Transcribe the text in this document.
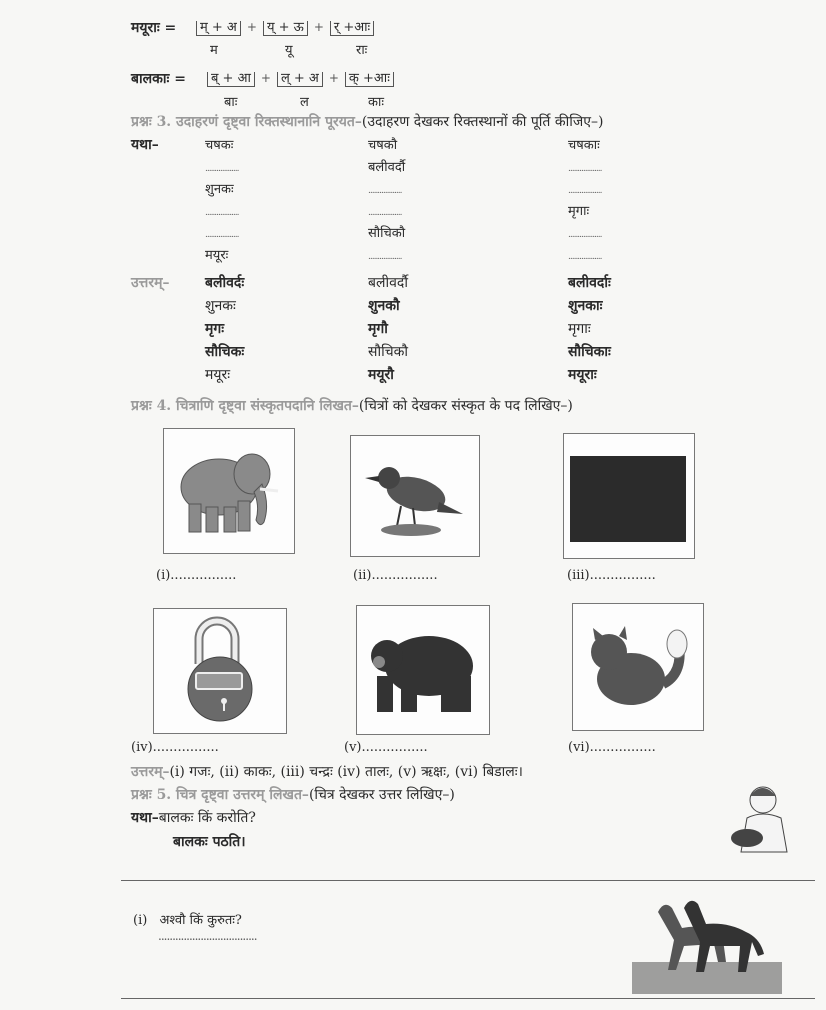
मयूराः =	म् + अ + य् + ऊ + र् +आः
म	यू	राः
बालकाः =	ब् + आ + ल् + अ + क् +आः
बाः	ल	काः
प्रश्नः 3. उदाहरणं दृष्ट्वा रिक्तस्थानानि पूरयत–(उदाहरण देखकर रिक्तस्थानों की पूर्ति कीजिए–)
यथा–	चषकः	चषकौ	चषकाः
..................	बलीवर्दौ	..................
शुनकः	..................	..................
..................	..................	मृगाः
..................	सौचिकौ	..................
मयूरः	..................	..................
उत्तरम्–	बलीवर्दः	बलीवर्दौ	बलीवर्दाः
शुनकः	शुनकौ	शुनकाः
मृगः	मृगौ	मृगाः
सौचिकः	सौचिकौ	सौचिकाः
मयूरः	मयूरौ	मयूराः
प्रश्नः 4. चित्राणि दृष्ट्वा संस्कृतपदानि लिखत–(चित्रों को देखकर संस्कृत के पद लिखिए–)
(i)................	(ii)................	(iii)................
(iv)................	(v)................	(vi)................
उत्तरम्–(i) गजः, (ii) काकः, (iii) चन्द्रः (iv) तालः, (v) ऋक्षः, (vi) बिडालः।
प्रश्नः 5. चित्र दृष्ट्वा उत्तरम् लिखत–(चित्र देखकर उत्तर लिखिए–)
यथा–बालकः किं करोति?
बालकः पठति।
(i) अश्वौ किं कुरुतः?
...................................
